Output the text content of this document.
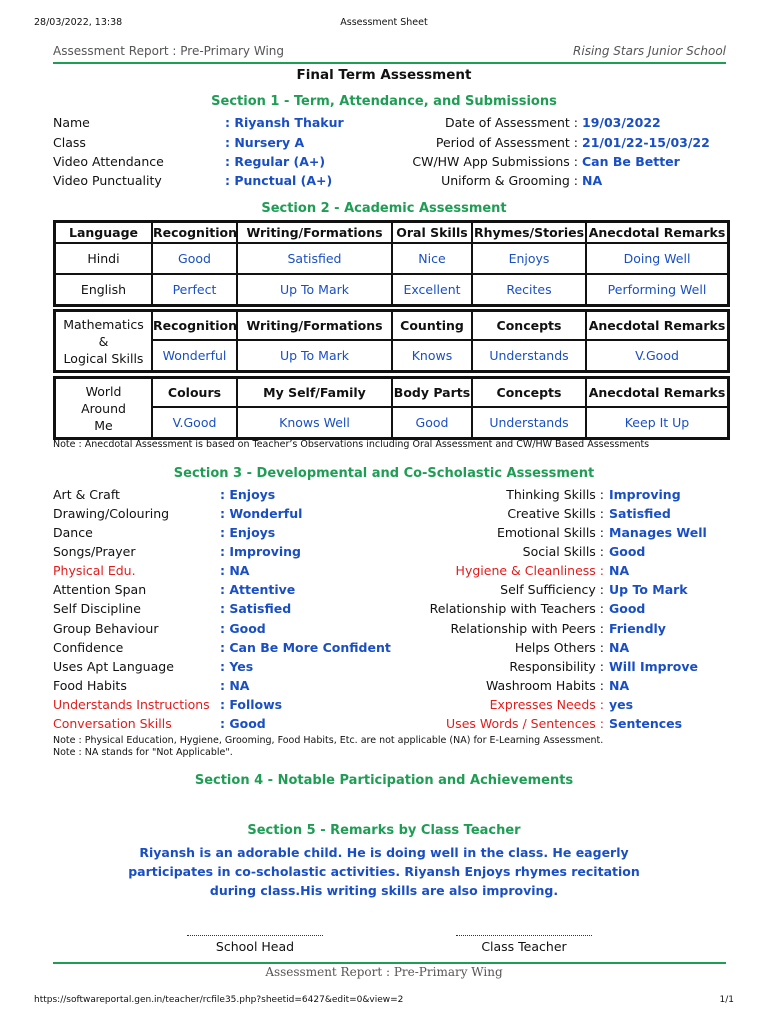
28/03/2022, 13:38	Assessment Sheet
Assessment Report : Pre-Primary Wing	Rising Stars Junior School
Final Term Assessment
Section 1 - Term, Attendance, and Submissions
Name	: Riyansh Thakur
Class	: Nursery A
Video Attendance	: Regular (A+)
Video Punctuality	: Punctual (A+)
Date of Assessment : 19/03/2022
Period of Assessment : 21/01/22-15/03/22
CW/HW App Submissions : Can Be Better
Uniform & Grooming : NA
Section 2 - Academic Assessment
Language	Recognition	Writing/Formations	Oral Skills	Rhymes/Stories	Anecdotal Remarks
Hindi	Good	Satisfied	Nice	Enjoys	Doing Well
English	Perfect	Up To Mark	Excellent	Recites	Performing Well
Mathematics
&
Logical Skills	Recognition	Writing/Formations	Counting	Concepts	Anecdotal Remarks
	Wonderful	Up To Mark	Knows	Understands	V.Good
World
Around
Me	Colours	My Self/Family	Body Parts	Concepts	Anecdotal Remarks
	V.Good	Knows Well	Good	Understands	Keep It Up
Note : Anecdotal Assessment is based on Teacher’s Observations including Oral Assessment and CW/HW Based Assessments
Section 3 - Developmental and Co-Scholastic Assessment
Art & Craft	: Enjoys
Drawing/Colouring	: Wonderful
Dance	: Enjoys
Songs/Prayer	: Improving
Physical Edu.	: NA
Attention Span	: Attentive
Self Discipline	: Satisfied
Group Behaviour	: Good
Confidence	: Can Be More Confident
Uses Apt Language	: Yes
Food Habits	: NA
Understands Instructions : Follows
Conversation Skills	: Good
Thinking Skills : Improving
Creative Skills : Satisfied
Emotional Skills : Manages Well
Social Skills : Good
Hygiene & Cleanliness : NA
Self Sufficiency : Up To Mark
Relationship with Teachers : Good
Relationship with Peers : Friendly
Helps Others : NA
Responsibility : Will Improve
Washroom Habits : NA
Expresses Needs : yes
Uses Words / Sentences : Sentences
Note : Physical Education, Hygiene, Grooming, Food Habits, Etc. are not applicable (NA) for E-Learning Assessment.
Note : NA stands for "Not Applicable".
Section 4 - Notable Participation and Achievements
Section 5 - Remarks by Class Teacher
Riyansh is an adorable child. He is doing well in the class. He eagerly
participates in co-scholastic activities. Riyansh Enjoys rhymes recitation
during class.His writing skills are also improving.
School Head	Class Teacher
Assessment Report : Pre-Primary Wing
https://softwareportal.gen.in/teacher/rcfile35.php?sheetid=6427&edit=0&view=2	1/1
